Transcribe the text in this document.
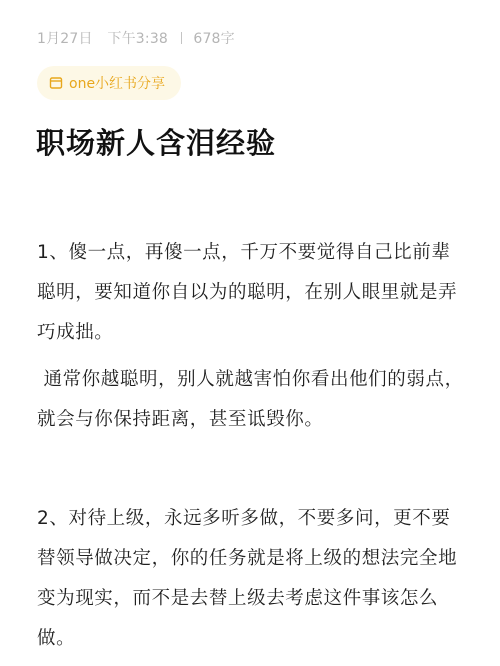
1月27日 下午3:38 678字
one小红书分享
职场新人含泪经验

1、傻一点，再傻一点，千万不要觉得自己比前辈聪明，要知道你自以为的聪明，在别人眼里就是弄巧成拙。

通常你越聪明，别人就越害怕你看出他们的弱点，就会与你保持距离，甚至诋毁你。

2、对待上级，永远多听多做，不要多问，更不要替领导做决定，你的任务就是将上级的想法完全地变为现实，而不是去替上级去考虑这件事该怎么做。
